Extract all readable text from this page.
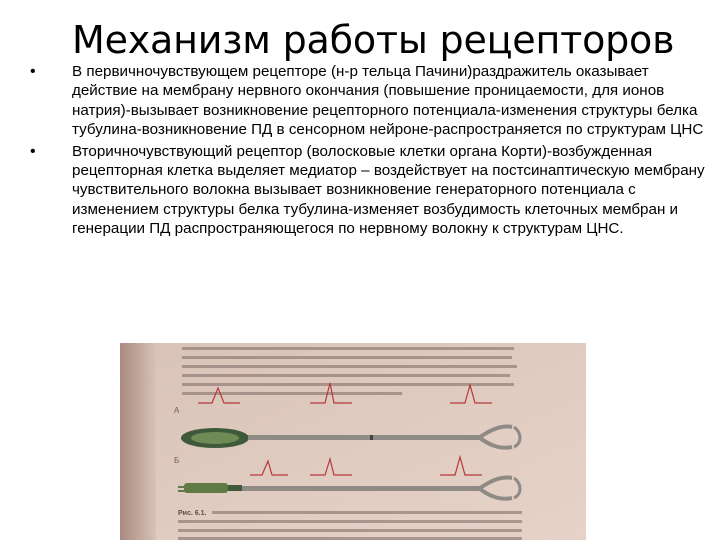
Механизм работы рецепторов
• В первичночувствующем рецепторе (н-р тельца Пачини)раздражитель оказывает действие на мембрану нервного окончания (повышение проницаемости, для ионов натрия)-вызывает возникновение рецепторного потенциала-изменения структуры белка тубулина-возникновение ПД в сенсорном нейроне-распространяется по структурам ЦНС
• Вторичночувствующий рецептор (волосковые клетки органа Корти)-возбужденная рецепторная клетка выделяет медиатор – воздействует на постсинаптическую мембрану чувствительного волокна вызывает возникновение генераторного потенциала с изменением структуры белка тубулина-изменяет возбудимость клеточных мембран и генерации ПД распространяющегося по нервному волокну к структурам ЦНС.
А
Б
Рис. 6.1.
